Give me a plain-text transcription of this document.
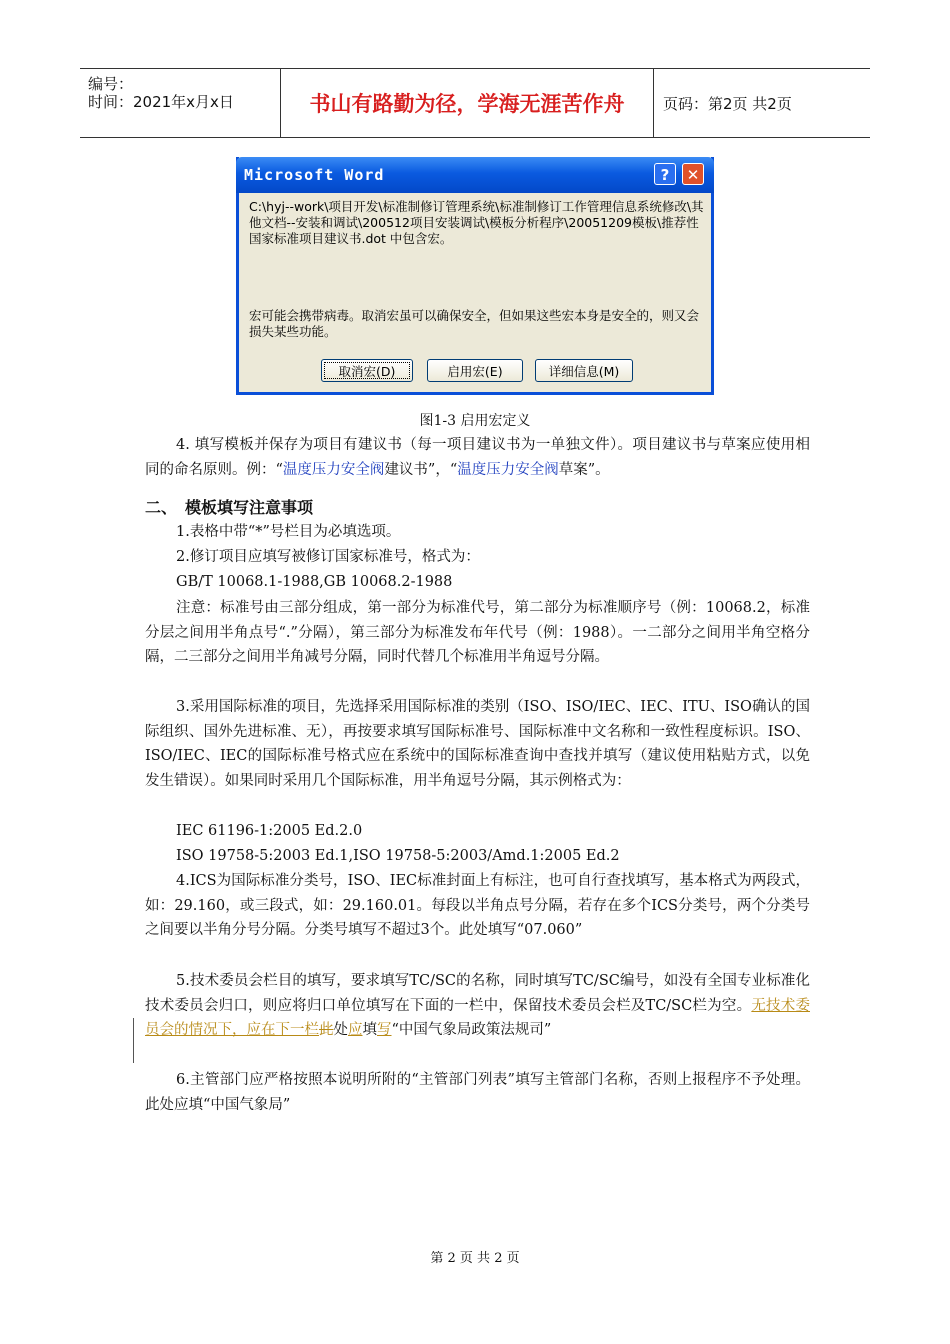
编号：
时间：2021年x月x日	书山有路勤为径，学海无涯苦作舟	页码：第2页 共2页
Microsoft Word	?	✕
C:\hyj--work\项目开发\标准制修订管理系统\标准制修订工作管理信息系统修改\其他文档--安装和调试\200512项目安装调试\模板分析程序\20051209模板\推荐性国家标准项目建议书.dot 中包含宏。
宏可能会携带病毒。取消宏虽可以确保安全，但如果这些宏本身是安全的，则又会损失某些功能。
取消宏(D)	启用宏(E)	详细信息(M)
图1-3 启用宏定义
4. 填写模板并保存为项目有建议书（每一项目建议书为一单独文件）。项目建议书与草案应使用相同的命名原则。例：“温度压力安全阀建议书”，“温度压力安全阀草案”。
二、　模板填写注意事项
1.表格中带“*”号栏目为必填选项。
2.修订项目应填写被修订国家标准号，格式为：
GB/T 10068.1-1988,GB 10068.2-1988
注意：标准号由三部分组成，第一部分为标准代号，第二部分为标准顺序号（例：10068.2，标准分层之间用半角点号“.”分隔），第三部分为标准发布年代号（例：1988）。一二部分之间用半角空格分隔，二三部分之间用半角减号分隔，同时代替几个标准用半角逗号分隔。
3.采用国际标准的项目，先选择采用国际标准的类别（ISO、ISO/IEC、IEC、ITU、ISO确认的国际组织、国外先进标准、无），再按要求填写国际标准号、国际标准中文名称和一致性程度标识。ISO、ISO/IEC、IEC的国际标准号格式应在系统中的国际标准查询中查找并填写（建议使用粘贴方式，以免发生错误）。如果同时采用几个国际标准，用半角逗号分隔，其示例格式为：
IEC 61196-1:2005 Ed.2.0
ISO 19758-5:2003 Ed.1,ISO 19758-5:2003/Amd.1:2005 Ed.2
4.ICS为国际标准分类号，ISO、IEC标准封面上有标注，也可自行查找填写，基本格式为两段式，如：29.160，或三段式，如：29.160.01。每段以半角点号分隔，若存在多个ICS分类号，两个分类号之间要以半角分号分隔。分类号填写不超过3个。此处填写“07.060”
5.技术委员会栏目的填写，要求填写TC/SC的名称，同时填写TC/SC编号，如没有全国专业标准化技术委员会归口，则应将归口单位填写在下面的一栏中，保留技术委员会栏及TC/SC栏为空。无技术委员会的情况下，应在下一栏此处应填写“中国气象局政策法规司”
6.主管部门应严格按照本说明所附的“主管部门列表”填写主管部门名称，否则上报程序不予处理。此处应填“中国气象局”
第 2 页 共 2 页
